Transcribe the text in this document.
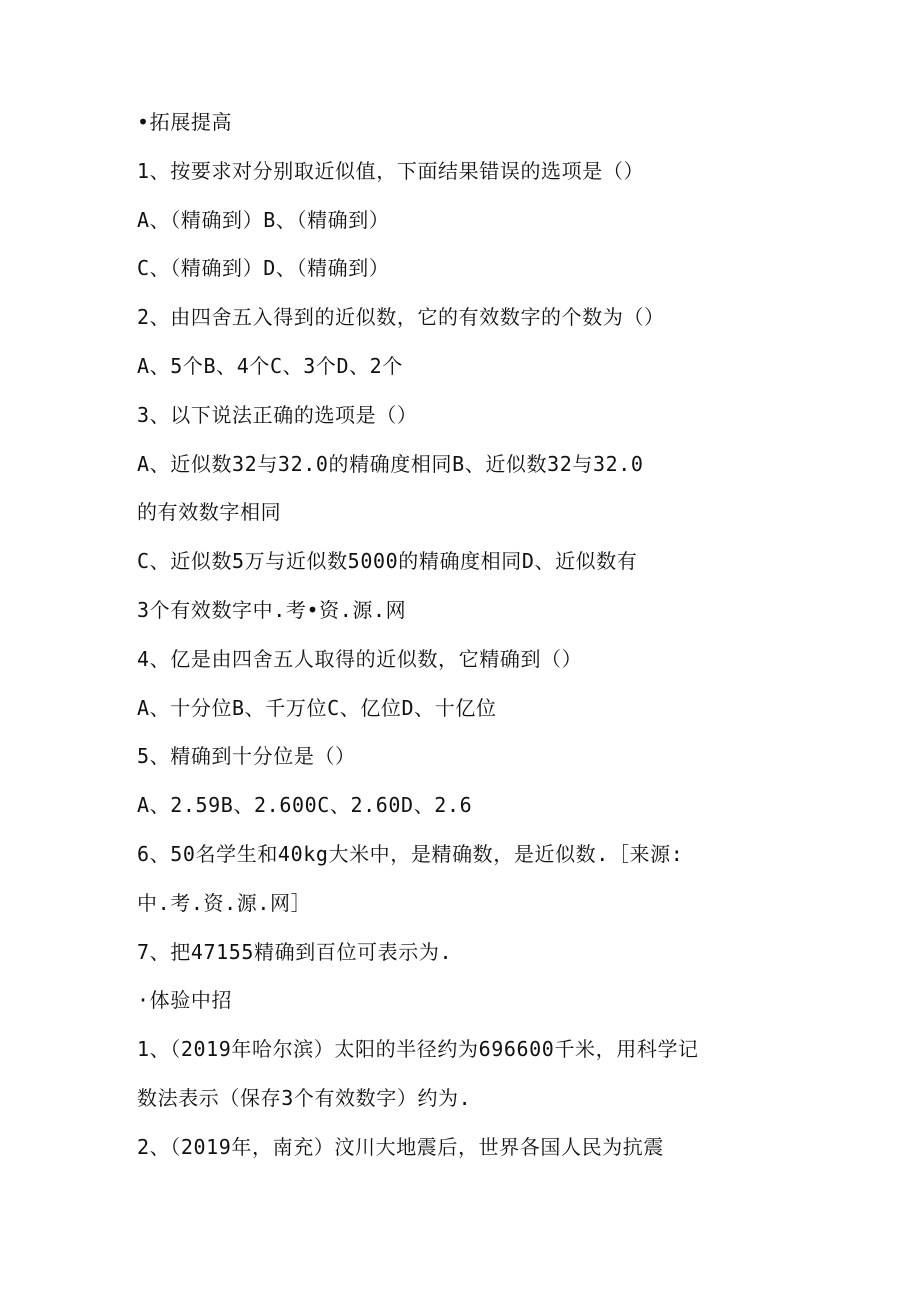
•拓展提高
1、按要求对分别取近似值，下面结果错误的选项是（）
A、（精确到）B、（精确到）
C、（精确到）D、（精确到）
2、由四舍五入得到的近似数，它的有效数字的个数为（）
A、5个B、4个C、3个D、2个
3、以下说法正确的选项是（）
A、近似数32与32.0的精确度相同B、近似数32与32.0
的有效数字相同
C、近似数5万与近似数5000的精确度相同D、近似数有
3个有效数字中.考•资.源.网
4、亿是由四舍五人取得的近似数，它精确到（）
A、十分位B、千万位C、亿位D、十亿位
5、精确到十分位是（）
A、2.59B、2.600C、2.60D、2.6
6、50名学生和40kg大米中，是精确数，是近似数.［来源:
中.考.资.源.网］
7、把47155精确到百位可表示为.
·体验中招
1、（2019年哈尔滨）太阳的半径约为696600千米，用科学记
数法表示（保存3个有效数字）约为.
2、（2019年，南充）汶川大地震后，世界各国人民为抗震
